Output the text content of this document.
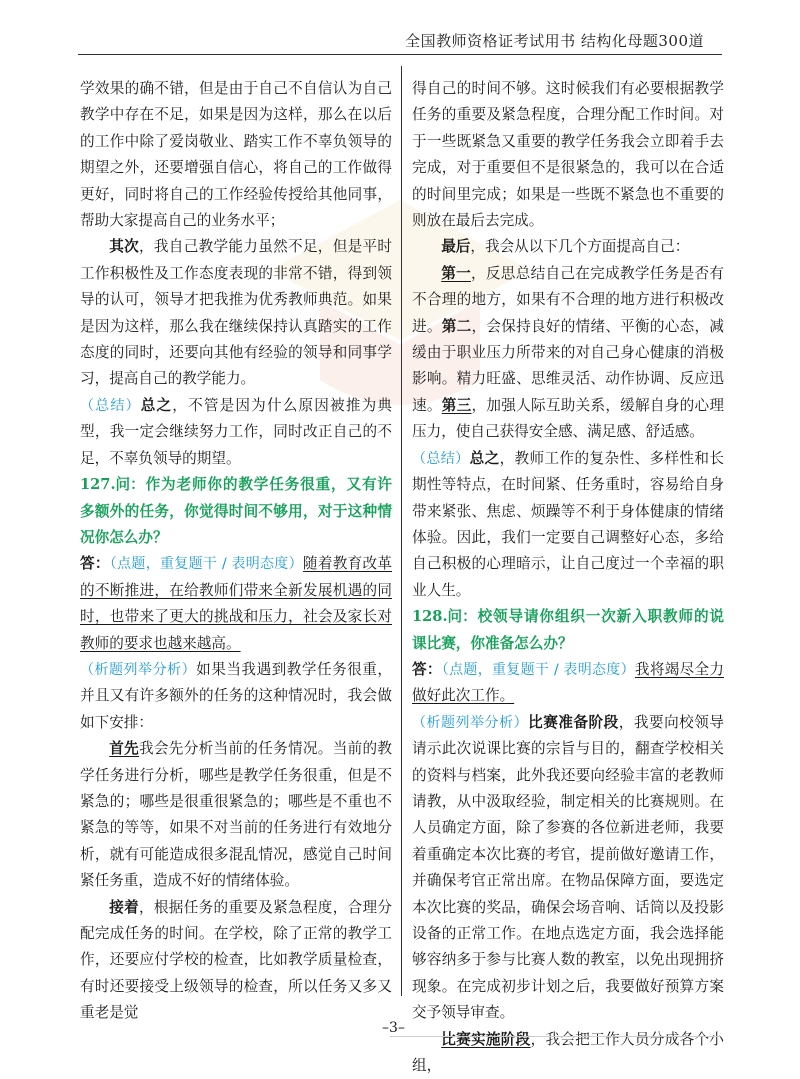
全国教师资格证考试用书 结构化母题300道

学效果的确不错，但是由于自己不自信认为自己教学中存在不足，如果是因为这样，那么在以后的工作中除了爱岗敬业、踏实工作不辜负领导的期望之外，还要增强自信心，将自己的工作做得更好，同时将自己的工作经验传授给其他同事，帮助大家提高自己的业务水平；

其次，我自己教学能力虽然不足，但是平时工作积极性及工作态度表现的非常不错，得到领导的认可，领导才把我推为优秀教师典范。如果是因为这样，那么我在继续保持认真踏实的工作态度的同时，还要向其他有经验的领导和同事学习，提高自己的教学能力。

（总结）总之，不管是因为什么原因被推为典型，我一定会继续努力工作，同时改正自己的不足，不辜负领导的期望。

127.问：作为老师你的教学任务很重，又有许多额外的任务，你觉得时间不够用，对于这种情况你怎么办？

答：（点题，重复题干 / 表明态度）随着教育改革的不断推进，在给教师们带来全新发展机遇的同时，也带来了更大的挑战和压力，社会及家长对教师的要求也越来越高。

（析题列举分析）如果当我遇到教学任务很重，并且又有许多额外的任务的这种情况时，我会做如下安排：

首先我会先分析当前的任务情况。当前的教学任务进行分析，哪些是教学任务很重，但是不紧急的；哪些是很重很紧急的；哪些是不重也不紧急的等等，如果不对当前的任务进行有效地分析，就有可能造成很多混乱情况，感觉自己时间紧任务重，造成不好的情绪体验。

接着，根据任务的重要及紧急程度，合理分配完成任务的时间。在学校，除了正常的教学工作，还要应付学校的检查，比如教学质量检查，有时还要接受上级领导的检查，所以任务又多又重老是觉

得自己的时间不够。这时候我们有必要根据教学任务的重要及紧急程度，合理分配工作时间。对于一些既紧急又重要的教学任务我会立即着手去完成，对于重要但不是很紧急的，我可以在合适的时间里完成；如果是一些既不紧急也不重要的则放在最后去完成。

最后，我会从以下几个方面提高自己：

第一，反思总结自己在完成教学任务是否有不合理的地方，如果有不合理的地方进行积极改进。第二，会保持良好的情绪、平衡的心态，减缓由于职业压力所带来的对自己身心健康的消极影响。精力旺盛、思维灵活、动作协调、反应迅速。第三，加强人际互助关系，缓解自身的心理压力，使自己获得安全感、满足感、舒适感。

（总结）总之，教师工作的复杂性、多样性和长期性等特点，在时间紧、任务重时，容易给自身带来紧张、焦虑、烦躁等不利于身体健康的情绪体验。因此，我们一定要自己调整好心态，多给自己积极的心理暗示，让自己度过一个幸福的职业人生。

128.问：校领导请你组织一次新入职教师的说课比赛，你准备怎么办？

答：（点题，重复题干 / 表明态度）我将竭尽全力做好此次工作。

（析题列举分析）比赛准备阶段，我要向校领导请示此次说课比赛的宗旨与目的，翻查学校相关的资料与档案，此外我还要向经验丰富的老教师请教，从中汲取经验，制定相关的比赛规则。在人员确定方面，除了参赛的各位新进老师，我要着重确定本次比赛的考官，提前做好邀请工作，并确保考官正常出席。在物品保障方面，要选定本次比赛的奖品，确保会场音响、话筒以及投影设备的正常工作。在地点选定方面，我会选择能够容纳多于参与比赛人数的教室，以免出现拥挤现象。在完成初步计划之后，我要做好预算方案交予领导审查。

比赛实施阶段，我会把工作人员分成各个小组，

–3–
